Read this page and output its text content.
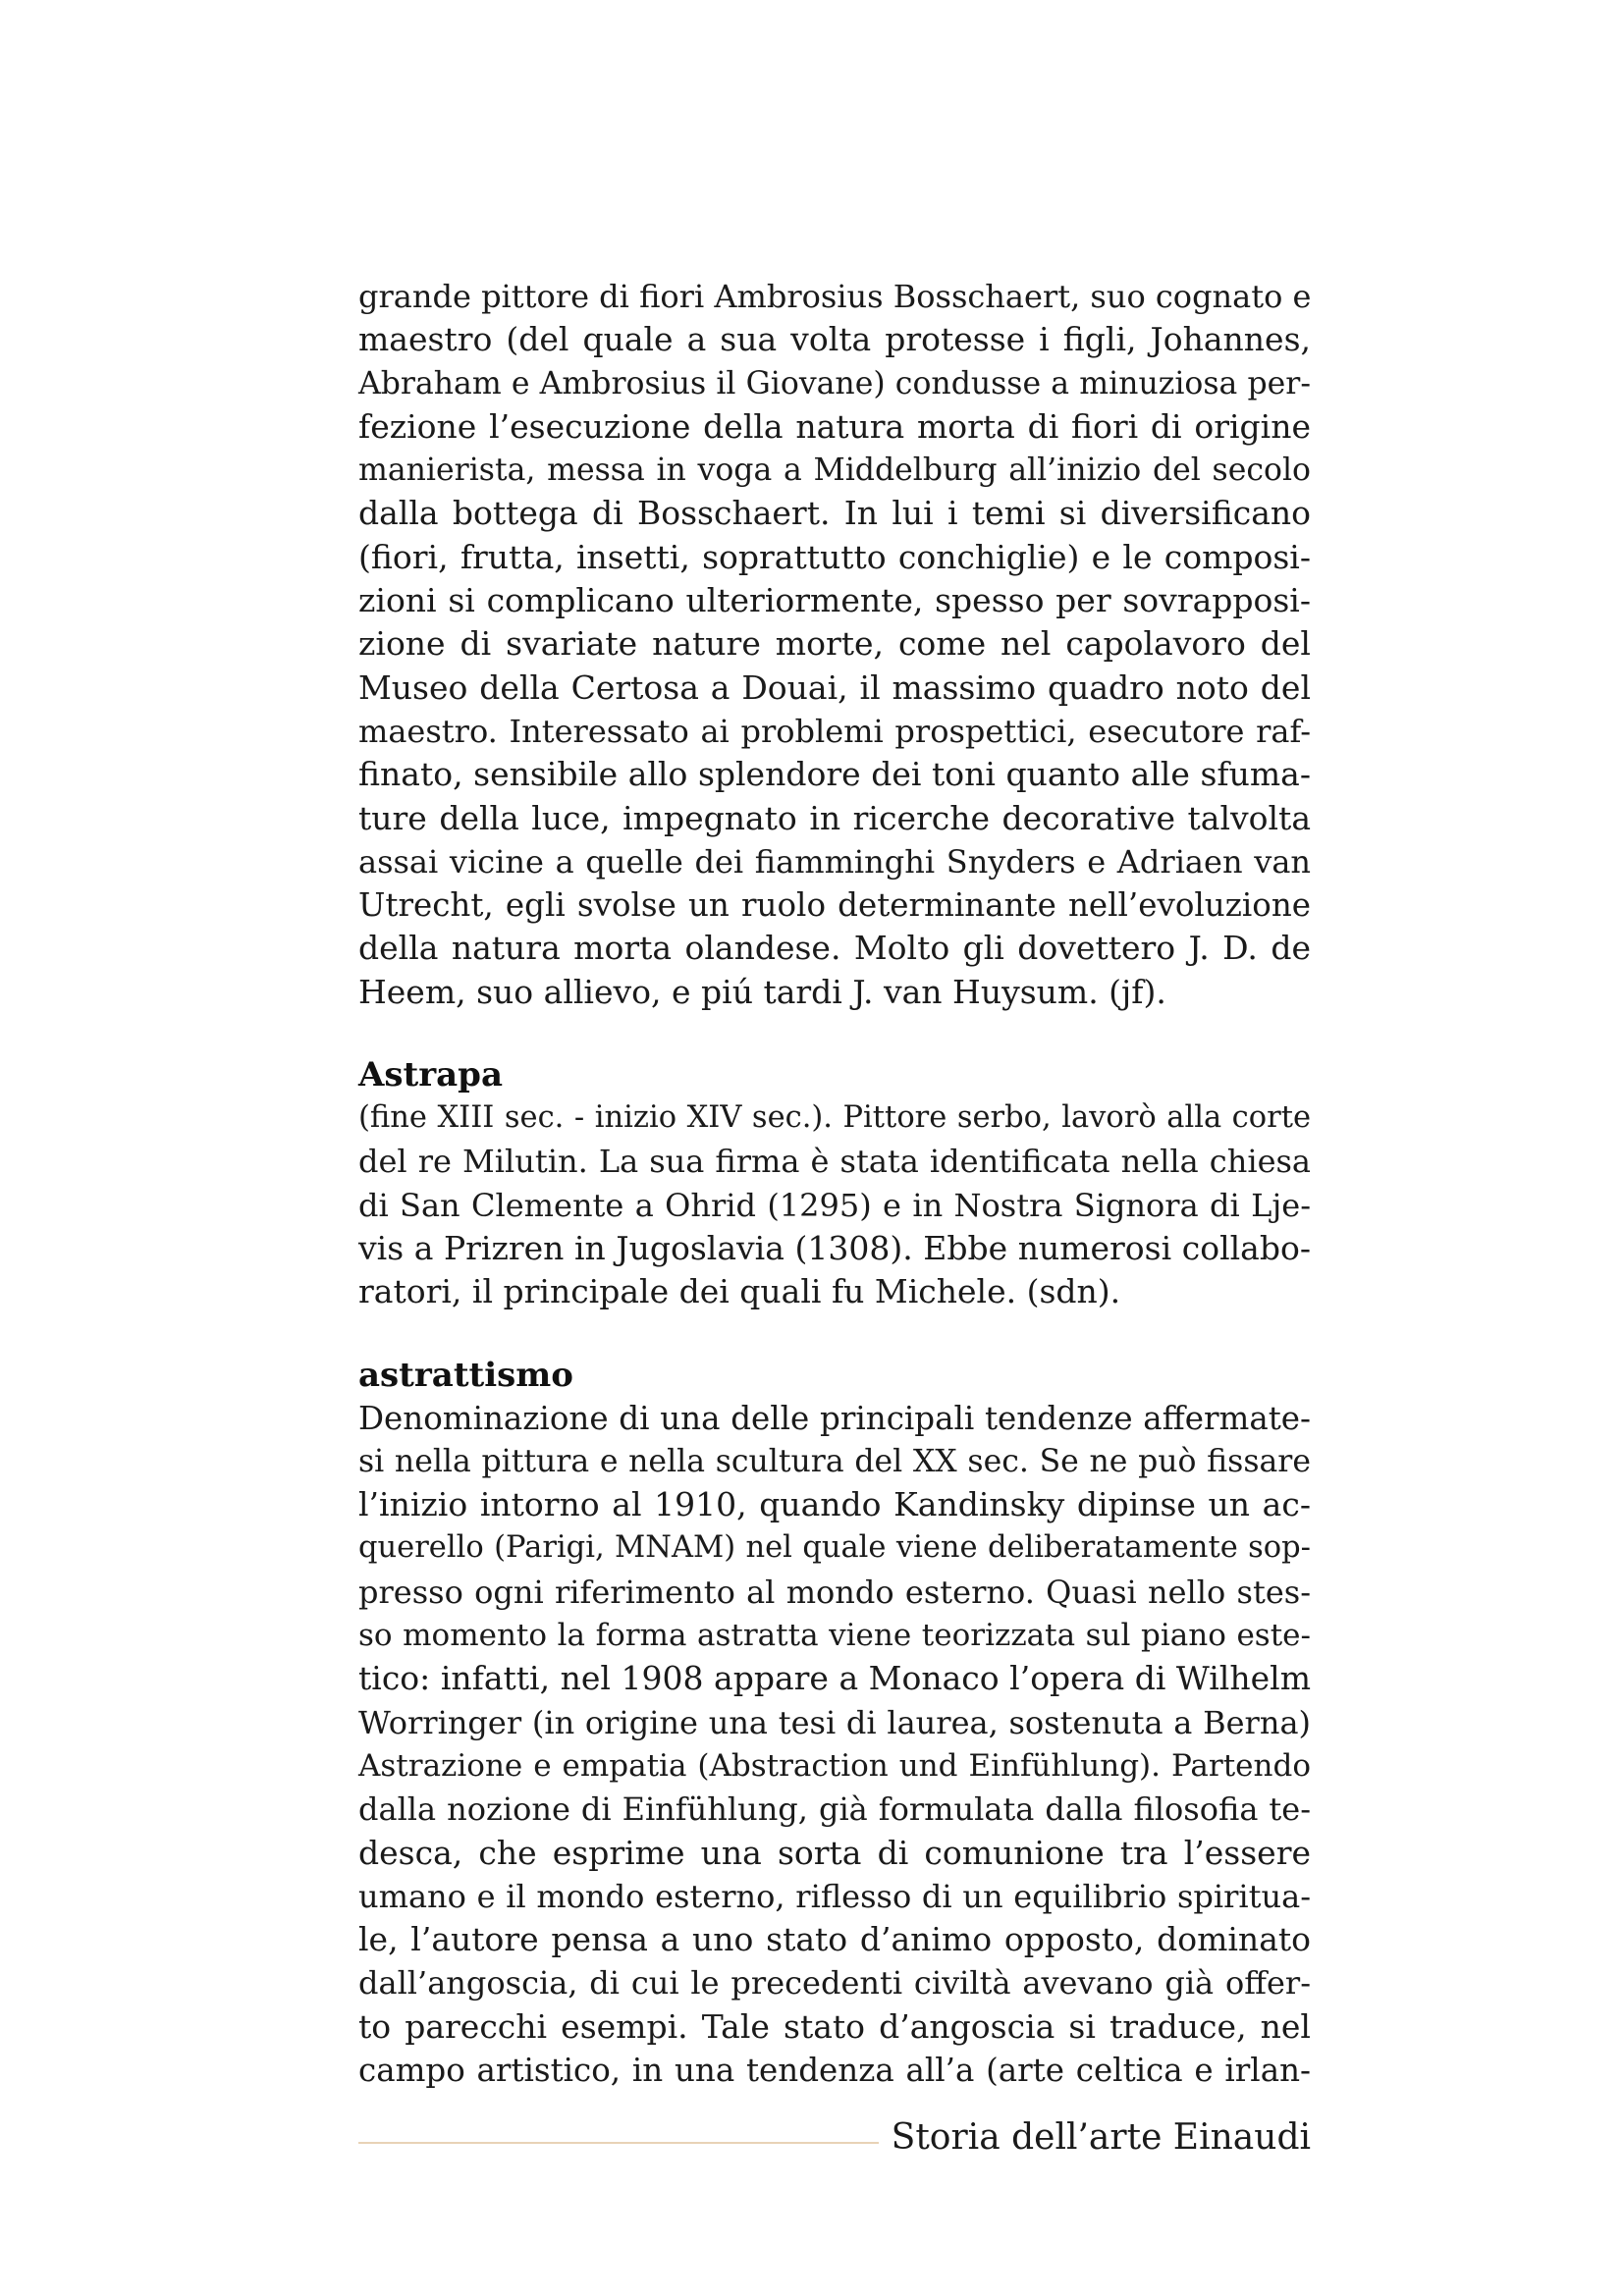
grande pittore di fiori Ambrosius Bosschaert, suo cognato e
maestro (del quale a sua volta protesse i figli, Johannes,
Abraham e Ambrosius il Giovane) condusse a minuziosa per-
fezione l’esecuzione della natura morta di fiori di origine
manierista, messa in voga a Middelburg all’inizio del secolo
dalla bottega di Bosschaert. In lui i temi si diversificano
(fiori, frutta, insetti, soprattutto conchiglie) e le composi-
zioni si complicano ulteriormente, spesso per sovrapposi-
zione di svariate nature morte, come nel capolavoro del
Museo della Certosa a Douai, il massimo quadro noto del
maestro. Interessato ai problemi prospettici, esecutore raf-
finato, sensibile allo splendore dei toni quanto alle sfuma-
ture della luce, impegnato in ricerche decorative talvolta
assai vicine a quelle dei fiamminghi Snyders e Adriaen van
Utrecht, egli svolse un ruolo determinante nell’evoluzione
della natura morta olandese. Molto gli dovettero J. D. de
Heem, suo allievo, e piú tardi J. van Huysum. (jf).
Astrapa
(fine XIII sec. - inizio XIV sec.). Pittore serbo, lavorò alla corte
del re Milutin. La sua firma è stata identificata nella chiesa
di San Clemente a Ohrid (1295) e in Nostra Signora di Lje-
vis a Prizren in Jugoslavia (1308). Ebbe numerosi collabo-
ratori, il principale dei quali fu Michele. (sdn).
astrattismo
Denominazione di una delle principali tendenze affermate-
si nella pittura e nella scultura del XX sec. Se ne può fissare
l’inizio intorno al 1910, quando Kandinsky dipinse un ac-
querello (Parigi, MNAM) nel quale viene deliberatamente sop-
presso ogni riferimento al mondo esterno. Quasi nello stes-
so momento la forma astratta viene teorizzata sul piano este-
tico: infatti, nel 1908 appare a Monaco l’opera di Wilhelm
Worringer (in origine una tesi di laurea, sostenuta a Berna)
Astrazione e empatia (Abstraction und Einfühlung). Partendo
dalla nozione di Einfühlung, già formulata dalla filosofia te-
desca, che esprime una sorta di comunione tra l’essere
umano e il mondo esterno, riflesso di un equilibrio spiritua-
le, l’autore pensa a uno stato d’animo opposto, dominato
dall’angoscia, di cui le precedenti civiltà avevano già offer-
to parecchi esempi. Tale stato d’angoscia si traduce, nel
campo artistico, in una tendenza all’a (arte celtica e irlan-
Storia dell’arte Einaudi
